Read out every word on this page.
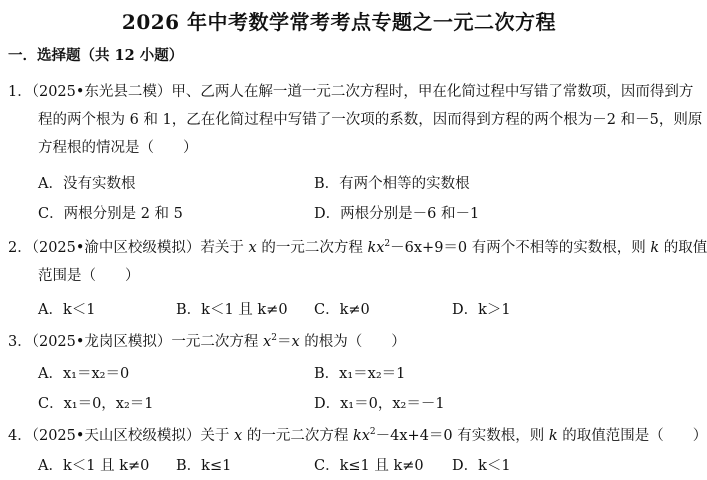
2026 年中考数学常考考点专题之一元二次方程
一．选择题（共 12 小题）
1．（2025•东光县二模）甲、乙两人在解一道一元二次方程时，甲在化简过程中写错了常数项，因而得到方
程的两个根为 6 和 1，乙在化简过程中写错了一次项的系数，因而得到方程的两个根为－2 和－5，则原
方程根的情况是（　　）
A．没有实数根	B．有两个相等的实数根
C．两根分别是 2 和 5	D．两根分别是－6 和－1
2．（2025•渝中区校级模拟）若关于 x 的一元二次方程 $kx^2-6x+9=0$ 有两个不相等的实数根，则 k 的取值
范围是（　　）
A．k＜1	B．k＜1 且 k≠0 C．k≠0	D．k＞1
3．（2025•龙岗区模拟）一元二次方程 $x^2=x$ 的根为（　　）
A．x₁＝x₂＝0	B．x₁＝x₂＝1
C．x₁＝0，x₂＝1	D．x₁＝0，x₂＝－1
4．（2025•天山区校级模拟）关于 x 的一元二次方程 $kx^2-4x+4=0$ 有实数根，则 k 的取值范围是（　　）
A．k＜1 且 k≠0 B．k≤1	C．k≤1 且 k≠0 D．k＜1
